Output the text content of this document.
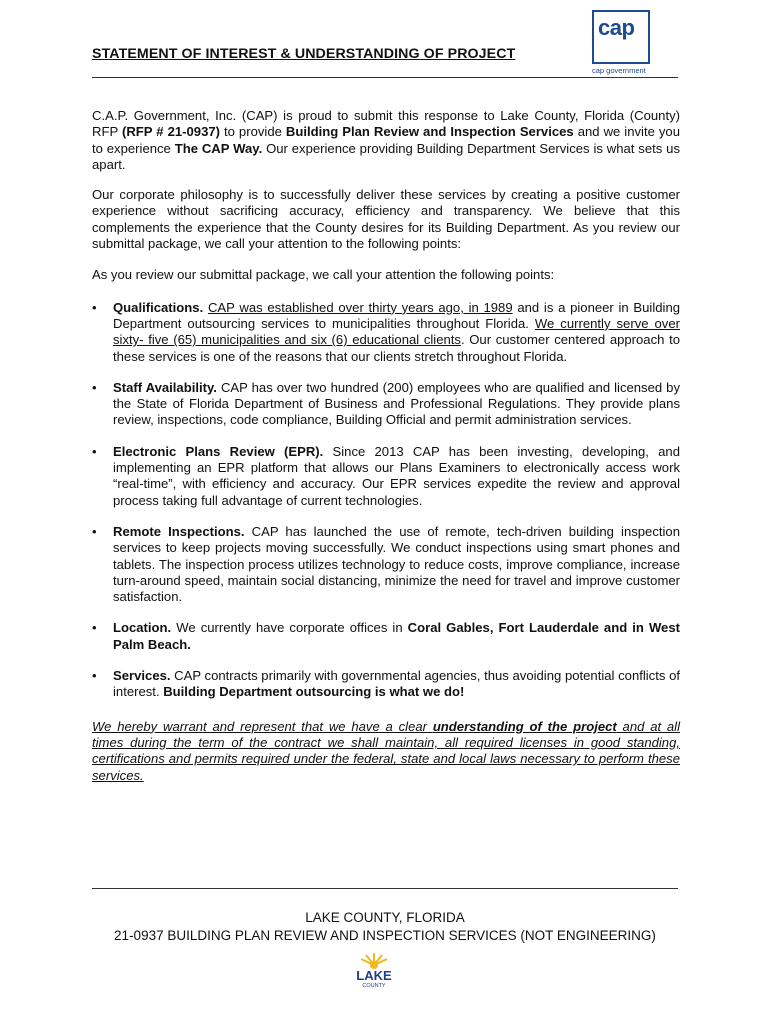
STATEMENT OF INTEREST & UNDERSTANDING OF PROJECT
cap
cap government

C.A.P. Government, Inc. (CAP) is proud to submit this response to Lake County, Florida (County) RFP (RFP # 21-0937) to provide Building Plan Review and Inspection Services and we invite you to experience The CAP Way. Our experience providing Building Department Services is what sets us apart.

Our corporate philosophy is to successfully deliver these services by creating a positive customer experience without sacrificing accuracy, efficiency and transparency. We believe that this complements the experience that the County desires for its Building Department. As you review our submittal package, we call your attention to the following points:

As you review our submittal package, we call your attention the following points:

• Qualifications. CAP was established over thirty years ago, in 1989 and is a pioneer in Building Department outsourcing services to municipalities throughout Florida. We currently serve over sixty- five (65) municipalities and six (6) educational clients. Our customer centered approach to these services is one of the reasons that our clients stretch throughout Florida.
• Staff Availability. CAP has over two hundred (200) employees who are qualified and licensed by the State of Florida Department of Business and Professional Regulations. They provide plans review, inspections, code compliance, Building Official and permit administration services.
• Electronic Plans Review (EPR). Since 2013 CAP has been investing, developing, and implementing an EPR platform that allows our Plans Examiners to electronically access work “real-time”, with efficiency and accuracy. Our EPR services expedite the review and approval process taking full advantage of current technologies.
• Remote Inspections. CAP has launched the use of remote, tech-driven building inspection services to keep projects moving successfully. We conduct inspections using smart phones and tablets. The inspection process utilizes technology to reduce costs, improve compliance, increase turn-around speed, maintain social distancing, minimize the need for travel and improve customer satisfaction.
• Location. We currently have corporate offices in Coral Gables, Fort Lauderdale and in West Palm Beach.
• Services. CAP contracts primarily with governmental agencies, thus avoiding potential conflicts of interest. Building Department outsourcing is what we do!

We hereby warrant and represent that we have a clear understanding of the project and at all times during the term of the contract we shall maintain, all required licenses in good standing, certifications and permits required under the federal, state and local laws necessary to perform these services.

LAKE COUNTY, FLORIDA
21-0937 BUILDING PLAN REVIEW AND INSPECTION SERVICES (NOT ENGINEERING)
LAKE
COUNTY
